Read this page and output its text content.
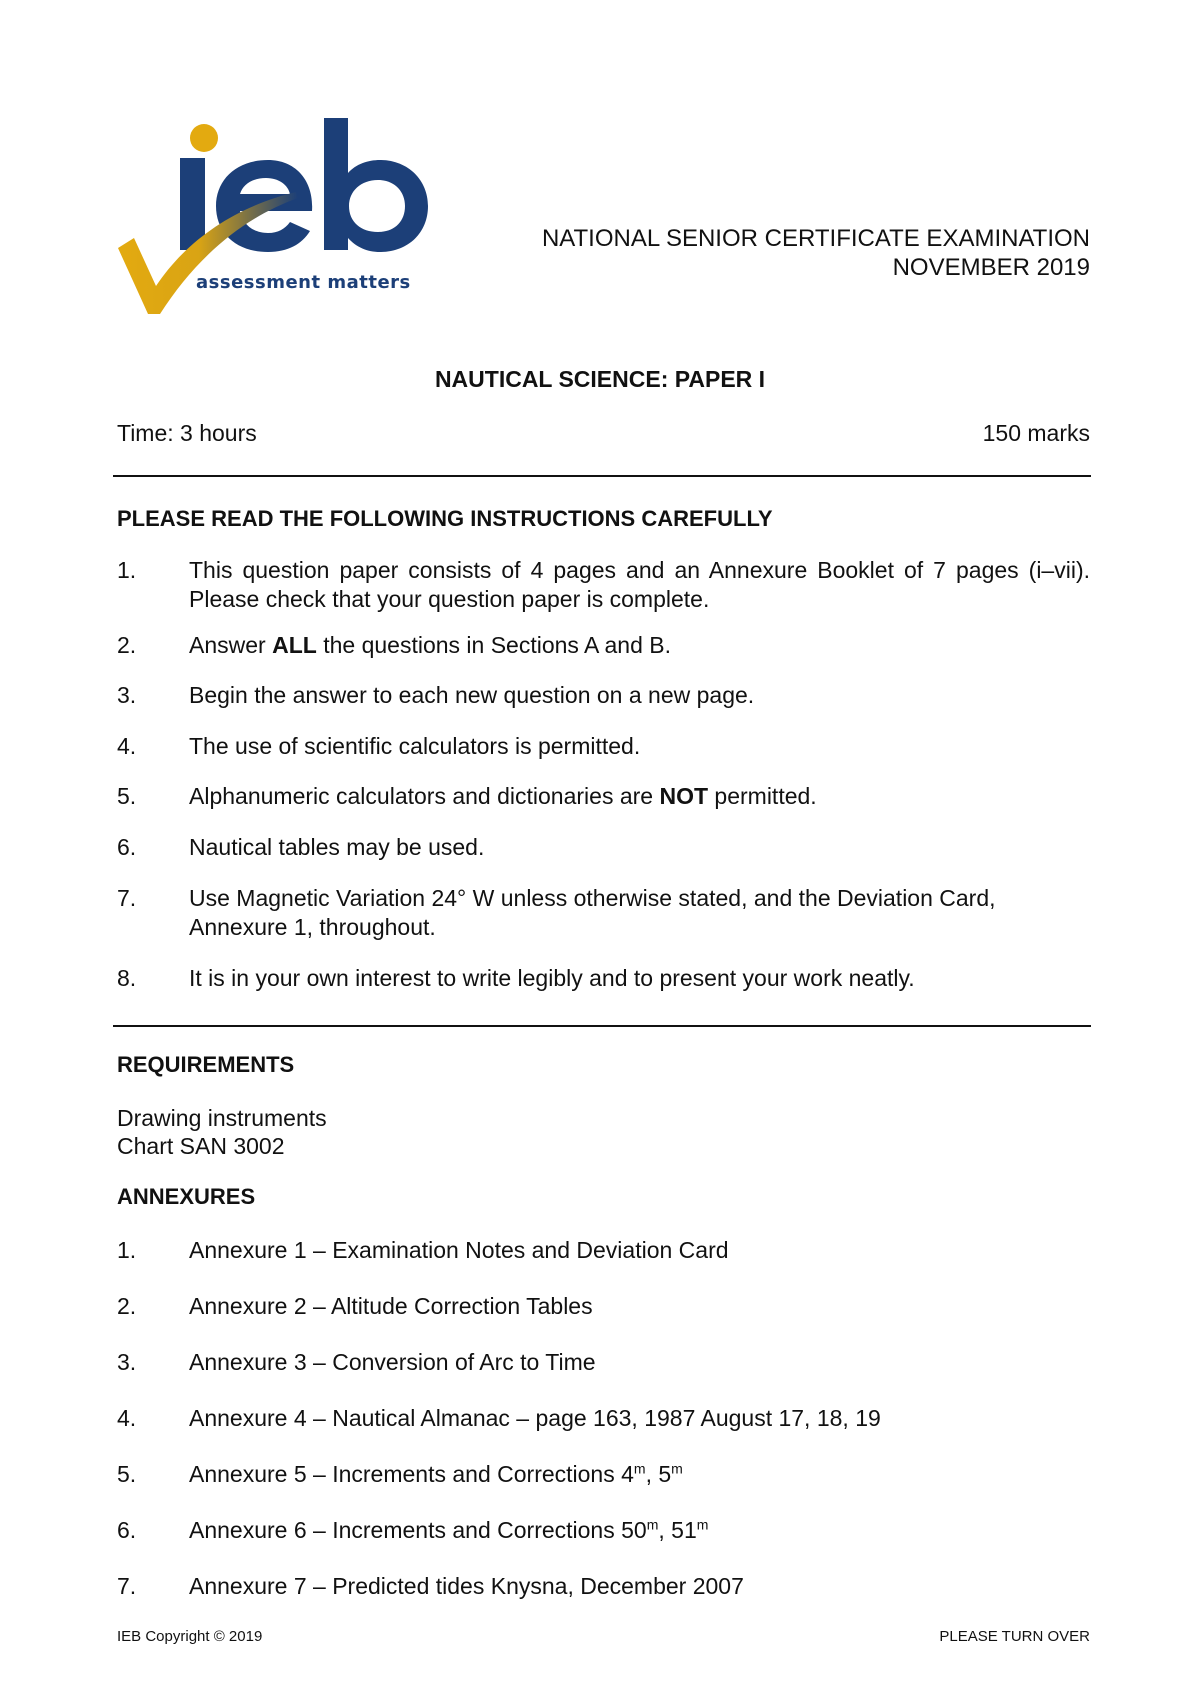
assessment matters
NATIONAL SENIOR CERTIFICATE EXAMINATION
NOVEMBER 2019
NAUTICAL SCIENCE: PAPER I
Time: 3 hours	150 marks
PLEASE READ THE FOLLOWING INSTRUCTIONS CAREFULLY
1.	This question paper consists of 4 pages and an Annexure Booklet of 7 pages (i–vii). Please check that your question paper is complete.
2.	Answer ALL the questions in Sections A and B.
3.	Begin the answer to each new question on a new page.
4.	The use of scientific calculators is permitted.
5.	Alphanumeric calculators and dictionaries are NOT permitted.
6.	Nautical tables may be used.
7.	Use Magnetic Variation 24° W unless otherwise stated, and the Deviation Card,
Annexure 1, throughout.
8.	It is in your own interest to write legibly and to present your work neatly.
REQUIREMENTS
Drawing instruments
Chart SAN 3002
ANNEXURES
1.	Annexure 1 – Examination Notes and Deviation Card
2.	Annexure 2 – Altitude Correction Tables
3.	Annexure 3 – Conversion of Arc to Time
4.	Annexure 4 – Nautical Almanac – page 163, 1987 August 17, 18, 19
5.	Annexure 5 – Increments and Corrections 4$^m$, 5$^m$
6.	Annexure 6 – Increments and Corrections 50$^m$, 51$^m$
7.	Annexure 7 – Predicted tides Knysna, December 2007
IEB Copyright © 2019	PLEASE TURN OVER
